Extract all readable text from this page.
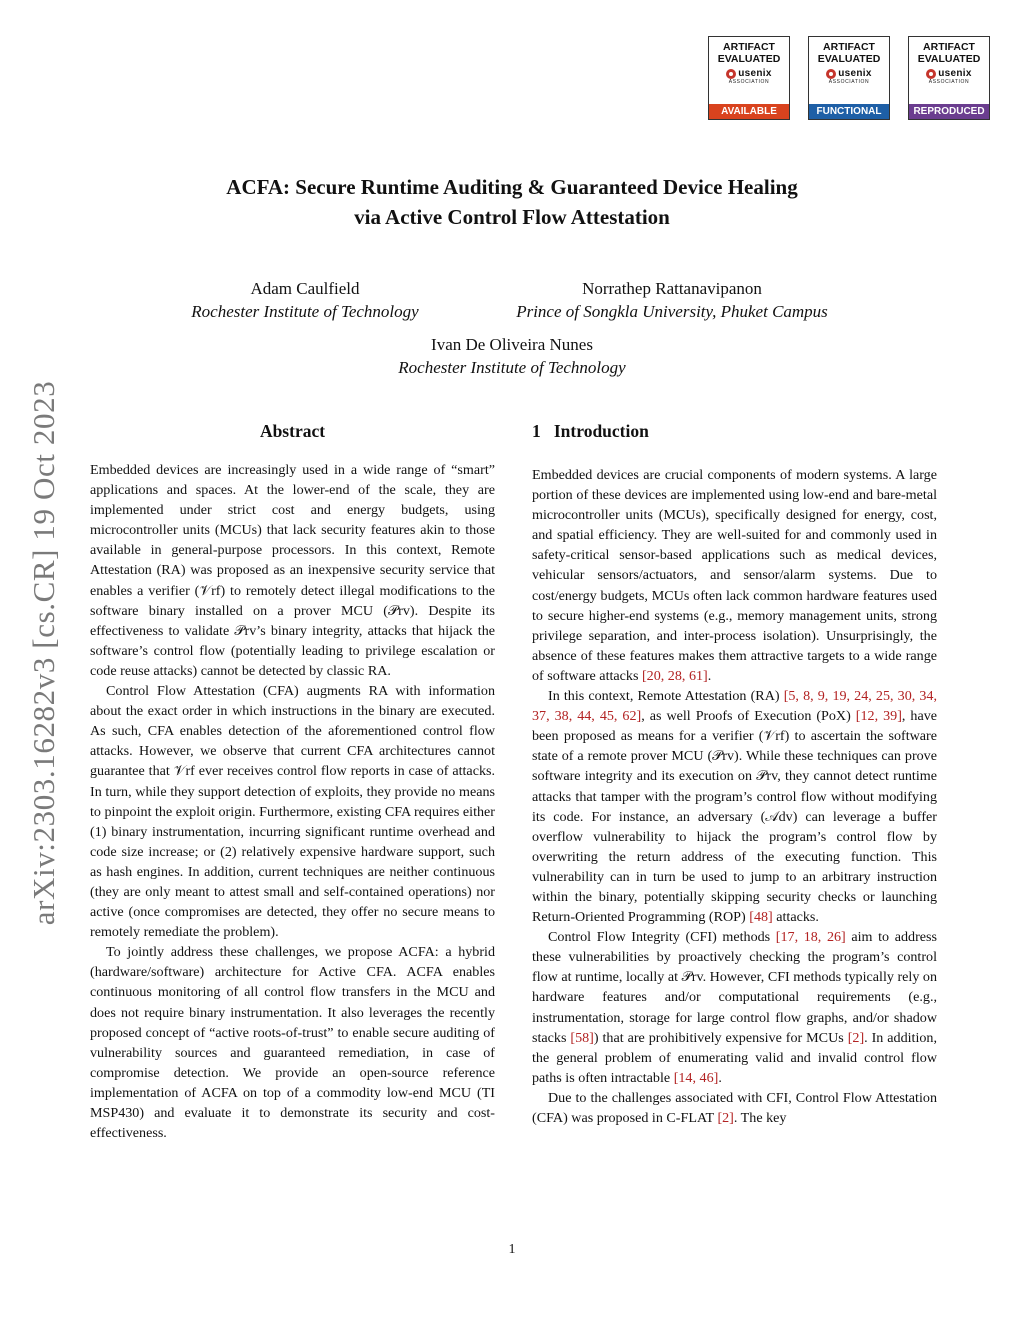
arXiv:2303.16282v3 [cs.CR] 19 Oct 2023
ARTIFACT
EVALUATED
usenix
ASSOCIATION
AVAILABLE
ARTIFACT
EVALUATED
usenix
ASSOCIATION
FUNCTIONAL
ARTIFACT
EVALUATED
usenix
ASSOCIATION
REPRODUCED
ACFA: Secure Runtime Auditing & Guaranteed Device Healing
via Active Control Flow Attestation
Adam Caulfield
Rochester Institute of Technology
Norrathep Rattanavipanon
Prince of Songkla University, Phuket Campus
Ivan De Oliveira Nunes
Rochester Institute of Technology
Abstract	1   Introduction

Embedded devices are increasingly used in a wide range of “smart” applications and spaces. At the lower-end of the scale, they are implemented under strict cost and energy budgets, using microcontroller units (MCUs) that lack security features akin to those available in general-purpose processors. In this context, Remote Attestation (RA) was proposed as an inexpensive security service that enables a verifier (𝒱rf) to remotely detect illegal modifications to the software binary installed on a prover MCU (𝒫rv). Despite its effectiveness to validate 𝒫rv’s binary integrity, attacks that hijack the software’s control flow (potentially leading to privilege escalation or code reuse attacks) cannot be detected by classic RA.

Control Flow Attestation (CFA) augments RA with information about the exact order in which instructions in the binary are executed. As such, CFA enables detection of the aforementioned control flow attacks. However, we observe that current CFA architectures cannot guarantee that 𝒱rf ever receives control flow reports in case of attacks. In turn, while they support detection of exploits, they provide no means to pinpoint the exploit origin. Furthermore, existing CFA requires either (1) binary instrumentation, incurring significant runtime overhead and code size increase; or (2) relatively expensive hardware support, such as hash engines. In addition, current techniques are neither continuous (they are only meant to attest small and self-contained operations) nor active (once compromises are detected, they offer no secure means to remotely remediate the problem).

To jointly address these challenges, we propose ACFA: a hybrid (hardware/software) architecture for Active CFA. ACFA enables continuous monitoring of all control flow transfers in the MCU and does not require binary instrumentation. It also leverages the recently proposed concept of “active roots-of-trust” to enable secure auditing of vulnerability sources and guaranteed remediation, in case of compromise detection. We provide an open-source reference implementation of ACFA on top of a commodity low-end MCU (TI MSP430) and evaluate it to demonstrate its security and cost-effectiveness.

Embedded devices are crucial components of modern systems. A large portion of these devices are implemented using low-end and bare-metal microcontroller units (MCUs), specifically designed for energy, cost, and spatial efficiency. They are well-suited for and commonly used in safety-critical sensor-based applications such as medical devices, vehicular sensors/actuators, and sensor/alarm systems. Due to cost/energy budgets, MCUs often lack common hardware features used to secure higher-end systems (e.g., memory management units, strong privilege separation, and inter-process isolation). Unsurprisingly, the absence of these features makes them attractive targets to a wide range of software attacks [20, 28, 61].

In this context, Remote Attestation (RA) [5, 8, 9, 19, 24, 25, 30, 34, 37, 38, 44, 45, 62], as well Proofs of Execution (PoX) [12, 39], have been proposed as means for a verifier (𝒱rf) to ascertain the software state of a remote prover MCU (𝒫rv). While these techniques can prove software integrity and its execution on 𝒫rv, they cannot detect runtime attacks that tamper with the program’s control flow without modifying its code. For instance, an adversary (𝒜dv) can leverage a buffer overflow vulnerability to hijack the program’s control flow by overwriting the return address of the executing function. This vulnerability can in turn be used to jump to an arbitrary instruction within the binary, potentially skipping security checks or launching Return-Oriented Programming (ROP) [48] attacks.

Control Flow Integrity (CFI) methods [17, 18, 26] aim to address these vulnerabilities by proactively checking the program’s control flow at runtime, locally at 𝒫rv. However, CFI methods typically rely on hardware features and/or computational requirements (e.g., instrumentation, storage for large control flow graphs, and/or shadow stacks [58]) that are prohibitively expensive for MCUs [2]. In addition, the general problem of enumerating valid and invalid control flow paths is often intractable [14, 46].

Due to the challenges associated with CFI, Control Flow Attestation (CFA) was proposed in C-FLAT [2]. The key

1
